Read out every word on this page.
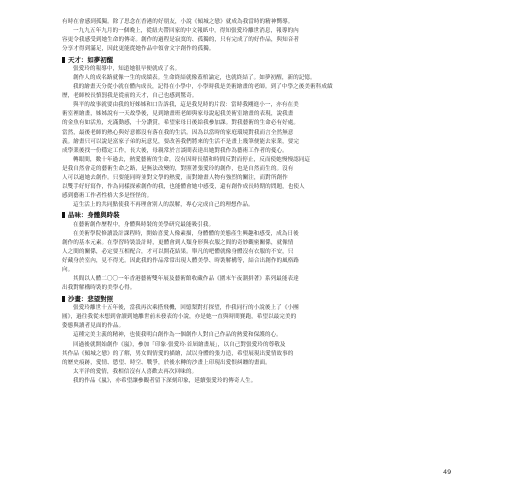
有時在會感到孤獨。除了思念在香港的好朋友，小說《傾城之戀》就成為我當時的精神嚮導。
一九九五年九月的一個晚上，從紐夫帶回家的中文報紙中，得知張愛玲離世消息，報導的內
容更令我感受到她生命的傳奇。創作的過程是寂寞的、孤獨的，只有完成了的好作品，與知音者
分享才得到滿足，因此更能從她作品中領會文字創作的孤獨。
天才：如夢初醒
張愛玲的報導中，知道她很早便就成了名。
創作人的成名路就像一生的成績表。生命終結就像蓋棺論定，也就終結了。如夢初醒，新的記憶。
我的繪畫天分從小就在體內成長，記得在小學中，小學時我是美術繪畫的老師。到了中學之後美術科成績
歷，老師校長慎罰我是從前的天才，自己也感到驚奇。
與平的故事就要由我的好姊姊和口告訴我，這是我兒時的片段：當時我剛進小一，亦有在美
術室裡繪畫，姊姊說有一天故學後，見到繪畫班老師與家母說起我美術室繪畫的表現，說我畫
的金魚有如活魚，充滿動感，十分讚賞，希望家母日後給我參加課。對我藝術的生命必有好處。
當然，最後老師的熱心與好意都沒有落在我的生活。因為以當時的家庭環境對我而言全然無意
義。繪畫只可以說是富家子弟的玩意兒，要改善我們將來的生活不是畫上幾筆便能去家業，要完
成學業後找一份穩定工作，長大後，母親常於言談間表達出她對我作為藝術工作者的憂心。
轉眼間，數十年過去，熱愛藝術的生命，沒有因時長積和時間反對而停止，反而使她慢慢認同這
是我自然會走的藝術生命之路，是無法改變的，對照著張愛玲的創作，也是自然而生的。沒有
人可以過她去創作。只要能同時並對文學的熱愛，而對繪畫人物有強烈的關注，而對所創作
以雙手好好寫作，作為同樣探索創作的我，也能體會她中感受，還有創作成長時期的問題，也使人
感到藝術工作者性格大多是怪怪的。
這生活上的共同點使我不再理會別人的誤解，專心完成自己的理想作品。
品味：身體與時裝
在藝術創作歷程中，身體與時裝的美學研究最能吸引我。
在美術學院修讀設計課程時，開始喜愛人像素描，身體體的美態產生興趣和感受，成為日後
創作的基本元素。在學習時裝設計時，更體會到人類身形與衣服之間的奇妙觀密關係，就像情
人之間的關係，必定要互相配合，才可以開花結果。舉凡的吧體就像身體沒有衣服的不安，只
好藏身於室內，見不得光。因此我的作品常常出現人體美學、時裝解構等，結合出創作的風格路
向。
其間以人體二〇〇一年香港藝術雙年展及藝術館收藏作品《圍末午夜潮拼著》系列最能表達
出我對解構時裝的美學心得。
沙畫：悲望對照
張愛玲離世十五年後，當我再次乘搭飛機，回憶梨對打探望，作我同行的小說後上了《小團
圓》，過往我從未想到會讀到她離世前未發表的小說，亦是她一直與時間賽跑，希望以最完美的
姿態與讀者見面的作品。
這種完美主義的精神，也使我明白創作為一個創作人對自己作品的熱愛和保護的心。
回過後就開始創作《嵐》，參加「印象‧張愛玲‧首屆繪畫展」，以自己對張愛玲的尊敬及
其作品《傾城之戀》的了解，男女間情愛的描繪，試以身體的張力造，希望展現出愛情故事的
的歷史痕跡，愛情、慾望、時空、戰爭，於後水轉的沙畫上印現出愛恨糾纏的畫面。
太平洋的愛情，我相信沒有人喜歡去再次回味的。
我的作品《嵐》，亦希望讓參觀者留下深刻印象，延續張愛玲的傳奇人生。
49
